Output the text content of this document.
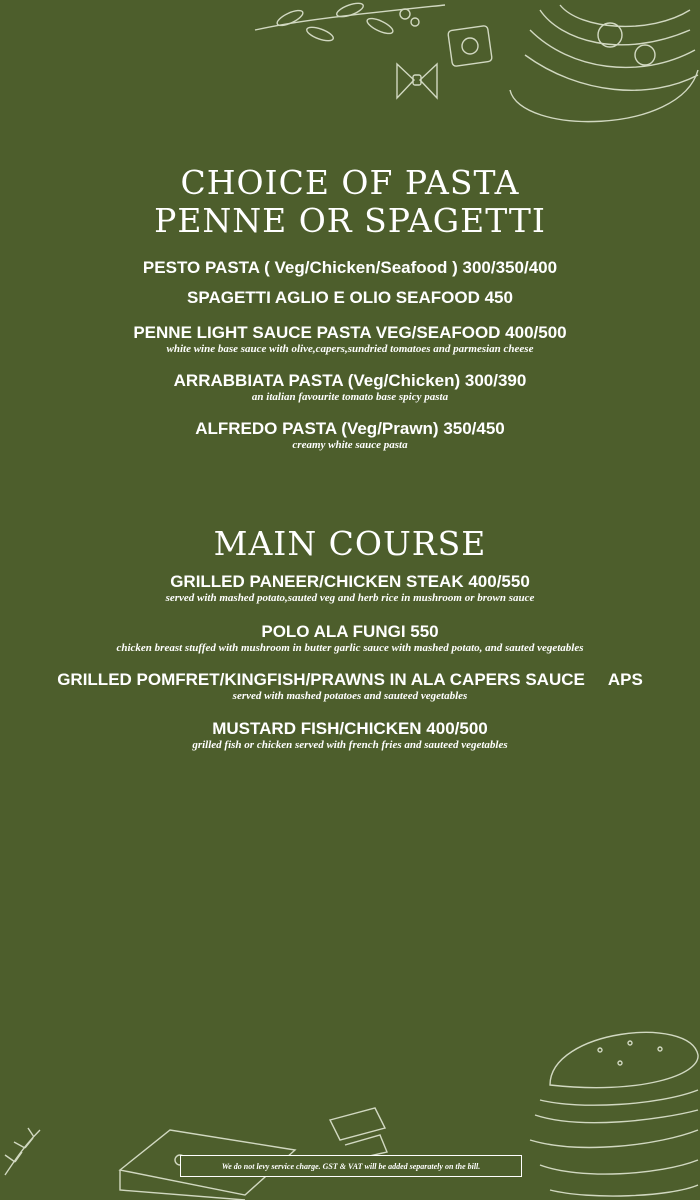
CHOICE OF PASTA
PENNE OR SPAGETTI
PESTO PASTA ( Veg/Chicken/Seafood ) 300/350/400
SPAGETTI AGLIO E OLIO SEAFOOD 450
PENNE LIGHT SAUCE PASTA VEG/SEAFOOD 400/500
white wine base sauce with olive,capers,sundried tomatoes and parmesian cheese
ARRABBIATA PASTA (Veg/Chicken) 300/390
an italian favourite tomato base spicy pasta
ALFREDO PASTA (Veg/Prawn) 350/450
creamy white sauce pasta
MAIN COURSE
GRILLED PANEER/CHICKEN STEAK 400/550
served with mashed potato,sauted veg and herb rice in mushroom or brown sauce
POLO ALA FUNGI 550
chicken breast stuffed with mushroom in butter garlic sauce with mashed potato, and sauted vegetables
GRILLED POMFRET/KINGFISH/PRAWNS IN ALA CAPERS SAUCE     APS
served with mashed potatoes and sauteed vegetables
MUSTARD FISH/CHICKEN 400/500
grilled fish or chicken served with french fries and sauteed vegetables
We do not levy service charge. GST & VAT will be added separately on the bill.
